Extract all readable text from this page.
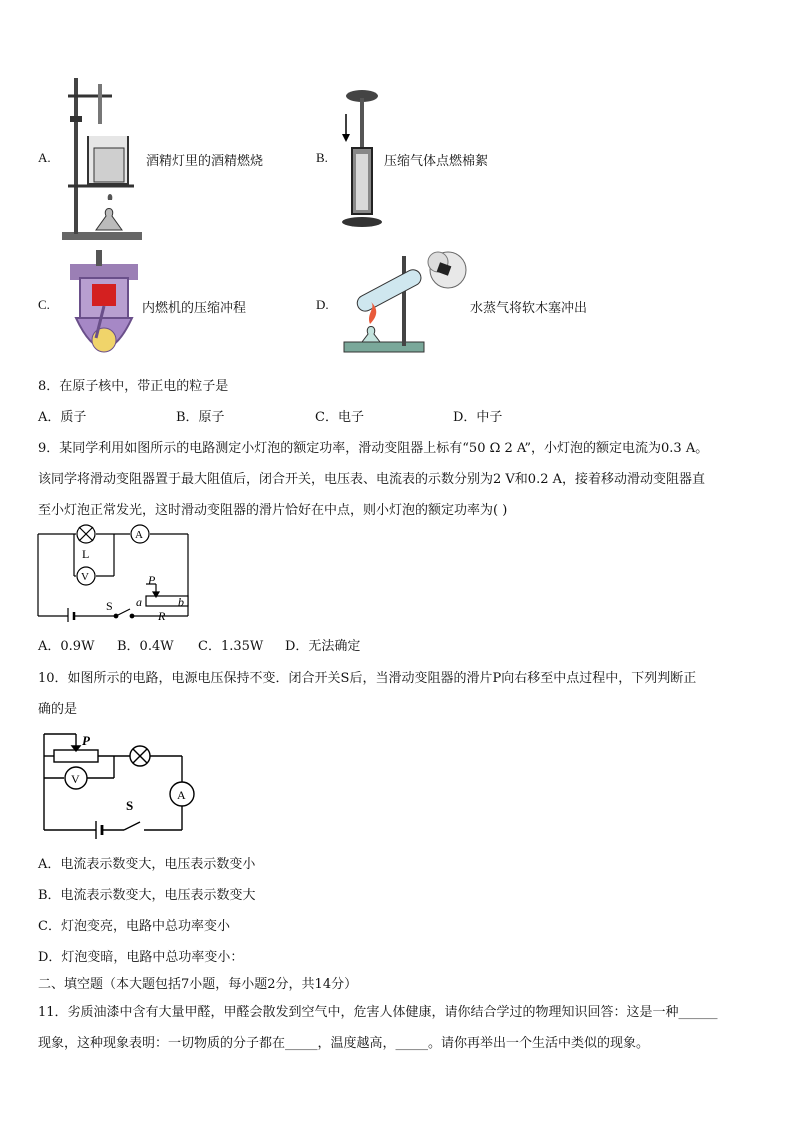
A.	酒精灯里的酒精燃烧	B.	压缩气体点燃棉絮
C.	内燃机的压缩冲程	D.	水蒸气将软木塞冲出
8．在原子核中，带正电的粒子是
A．质子	B．原子	C．电子	D．中子
9．某同学利用如图所示的电路测定小灯泡的额定功率，滑动变阻器上标有“50 Ω 2 A”，小灯泡的额定电流为0.3 A。
该同学将滑动变阻器置于最大阻值后，闭合开关，电压表、电流表的示数分别为2 V和0.2 A，接着移动滑动变阻器直
至小灯泡正常发光，这时滑动变阻器的滑片恰好在中点，则小灯泡的额定功率为( )
L
V
A
P
a
R
b
S
A．0.9W B．0.4W C．1.35W D．无法确定
10．如图所示的电路，电源电压保持不变．闭合开关S后，当滑动变阻器的滑片P向右移至中点过程中，下列判断正
确的是
P
V
A
S
A．电流表示数变大，电压表示数变小
B．电流表示数变大，电压表示数变大
C．灯泡变亮，电路中总功率变小
D．灯泡变暗，电路中总功率变小：
二、填空题（本大题包括7小题，每小题2分，共14分）
11．劣质油漆中含有大量甲醛，甲醛会散发到空气中，危害人体健康，请你结合学过的物理知识回答：这是一种______
现象，这种现象表明：一切物质的分子都在_____，温度越高，_____。请你再举出一个生活中类似的现象。
